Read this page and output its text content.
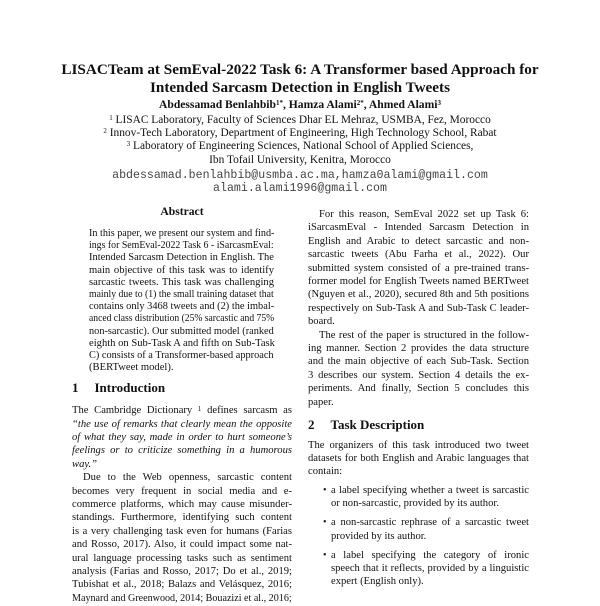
LISACTeam at SemEval-2022 Task 6: A Transformer based Approach for
Intended Sarcasm Detection in English Tweets
Abdessamad Benlahbib$^{1*}$, Hamza Alami$^{2*}$, Ahmed Alami$^3$
$^1$ LISAC Laboratory, Faculty of Sciences Dhar EL Mehraz, USMBA, Fez, Morocco
$^2$ Innov-Tech Laboratory, Department of Engineering, High Technology School, Rabat
$^3$ Laboratory of Engineering Sciences, National School of Applied Sciences,
Ibn Tofail University, Kenitra, Morocco
abdessamad.benlahbib@usmba.ac.ma,hamza0alami@gmail.com
alami.alami1996@gmail.com
Abstract
1 Introduction
The Cambridge Dictionary $^1$ defines sarcasm as
2 Task Description
In this paper, we present our system and find-
ings for SemEval-2022 Task 6 - iSarcasmEval:
Intended Sarcasm Detection in English. The
main objective of this task was to identify
sarcastic tweets. This task was challenging
mainly due to (1) the small training dataset that
contains only 3468 tweets and (2) the imbal-
anced class distribution (25% sarcastic and 75%
non-sarcastic). Our submitted model (ranked
eighth on Sub-Task A and fifth on Sub-Task
C) consists of a Transformer-based approach
(BERTweet model).
“the use of remarks that clearly mean the opposite
of what they say, made in order to hurt someone’s
feelings or to criticize something in a humorous
way.”
Due to the Web openness, sarcastic content
becomes very frequent in social media and e-
commerce platforms, which may cause misunder-
standings. Furthermore, identifying such content
is a very challenging task even for humans (Farias
and Rosso, 2017). Also, it could impact some nat-
ural language processing tasks such as sentiment
analysis (Farias and Rosso, 2017; Do et al., 2019;
Tubishat et al., 2018; Balazs and Velásquez, 2016;
Maynard and Greenwood, 2014; Bouazizi et al., 2016;
For this reason, SemEval 2022 set up Task 6:
iSarcasmEval - Intended Sarcasm Detection in
English and Arabic to detect sarcastic and non-
sarcastic tweets (Abu Farha et al., 2022). Our
submitted system consisted of a pre-trained trans-
former model for English Tweets named BERTweet
(Nguyen et al., 2020), secured 8th and 5th positions
respectively on Sub-Task A and Sub-Task C leader-
board.
The rest of the paper is structured in the follow-
ing manner. Section 2 provides the data structure
and the main objective of each Sub-Task. Section
3 describes our system. Section 4 details the ex-
periments. And finally, Section 5 concludes this
paper.
The organizers of this task introduced two tweet
datasets for both English and Arabic languages that
contain:
• a label specifying whether a tweet is sarcastic
or non-sarcastic, provided by its author.
• a non-sarcastic rephrase of a sarcastic tweet
provided by its author.
• a label specifying the category of ironic
speech that it reflects, provided by a linguistic
expert (English only).
